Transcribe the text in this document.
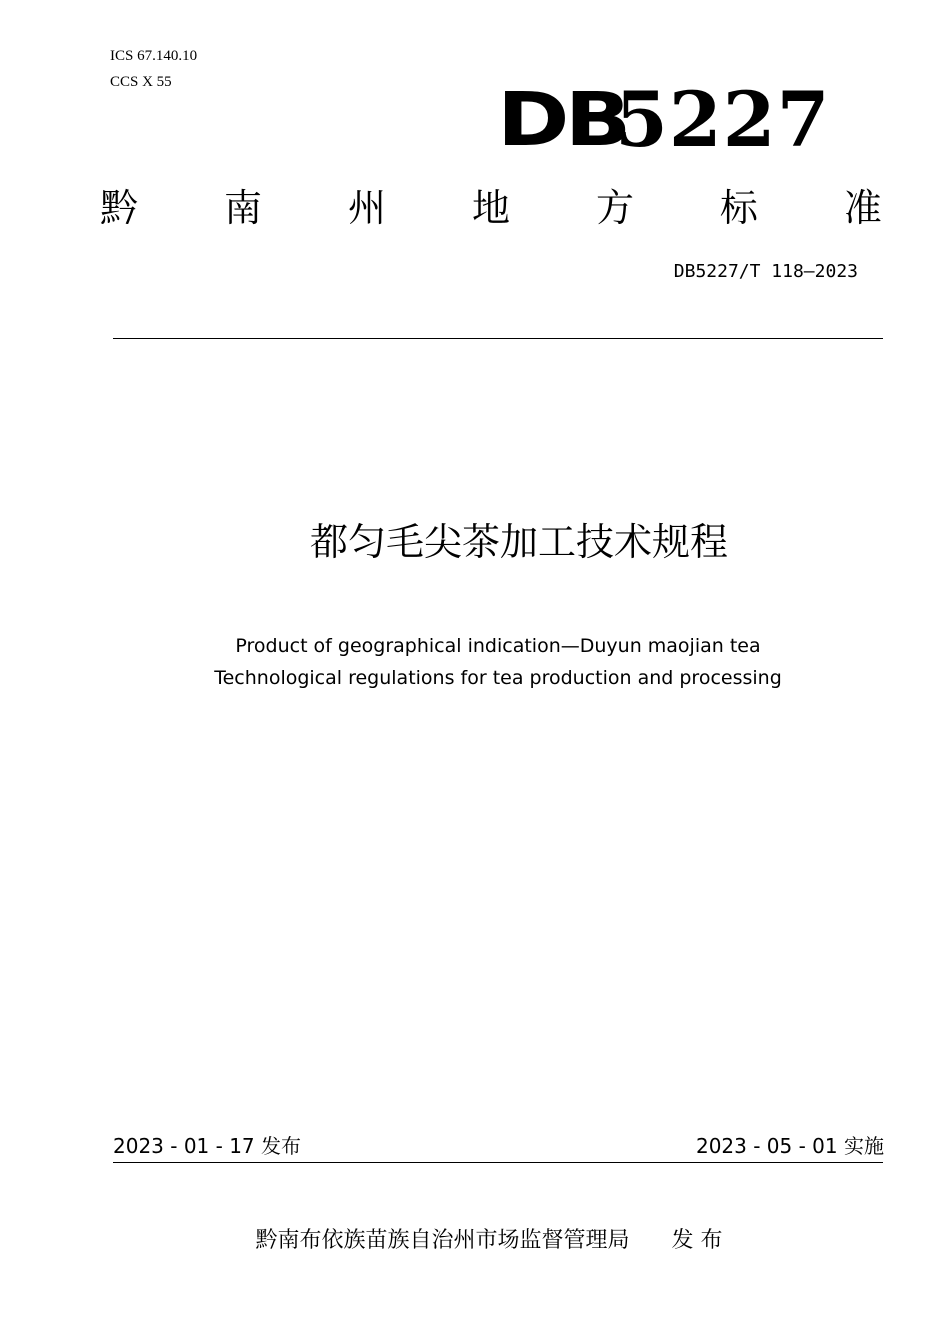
ICS 67.140.10
CCS X 55	DB
5227
黔 南 州 地 方 标 准
DB5227/T 118—2023
都匀毛尖茶加工技术规程
Product of geographical indication—Duyun maojian tea
Technological regulations for tea production and processing
2023 - 01 - 17 发布	2023 - 05 - 01 实施
黔南布依族苗族自治州市场监督管理局 发 布
